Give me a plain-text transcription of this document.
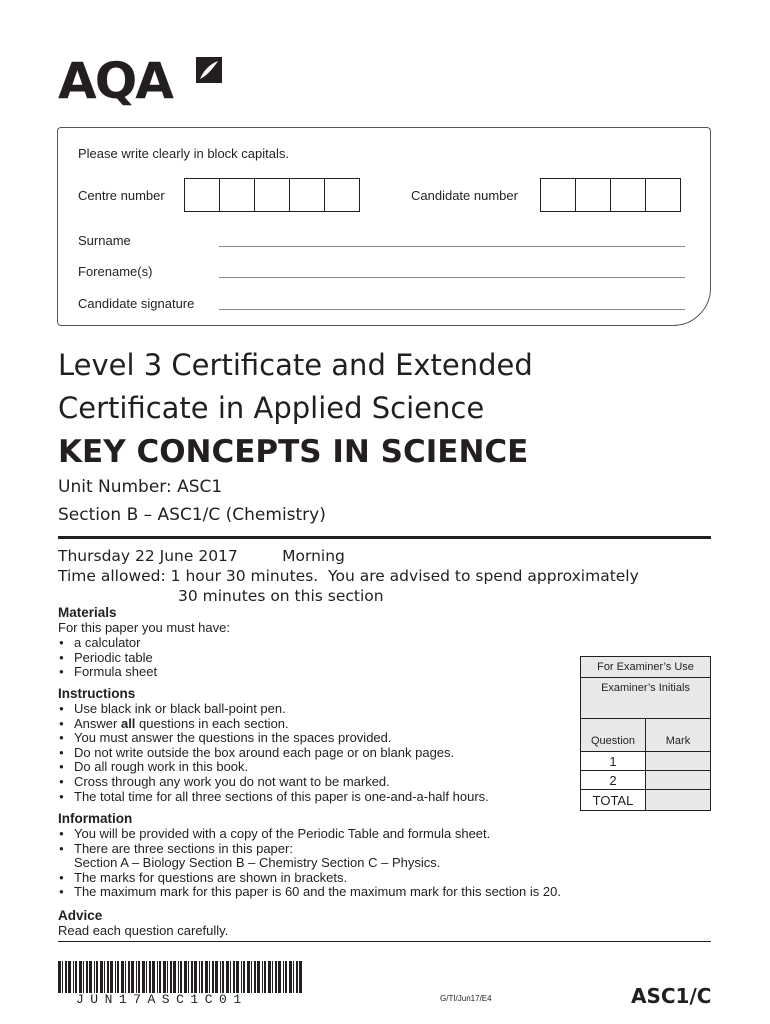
AQA
Please write clearly in block capitals.
Centre number	Candidate number
Surname
Forename(s)
Candidate signature
Level 3 Certificate and Extended
Certificate in Applied Science
KEY CONCEPTS IN SCIENCE
Unit Number: ASC1
Section B – ASC1/C (Chemistry)
Thursday 22 June 2017         Morning
Time allowed: 1 hour 30 minutes.  You are advised to spend approximately
30 minutes on this section
Materials
For this paper you must have:
● a calculator
● Periodic table
● Formula sheet
Instructions
● Use black ink or black ball-point pen.
● Answer all questions in each section.
● You must answer the questions in the spaces provided.
● Do not write outside the box around each page or on blank pages.
● Do all rough work in this book.
● Cross through any work you do not want to be marked.
● The total time for all three sections of this paper is one-and-a-half hours.
Information
● You will be provided with a copy of the Periodic Table and formula sheet.
● There are three sections in this paper:
Section A – Biology Section B – Chemistry Section C – Physics.
● The marks for questions are shown in brackets.
● The maximum mark for this paper is 60 and the maximum mark for this section is 20.
Advice
Read each question carefully.
For Examiner’s Use	
Examiner’s Initials	
Question	Mark
1	
2	
TOTAL	
JUN17ASC1C01	G/TI/Jun17/E4	ASC1/C
